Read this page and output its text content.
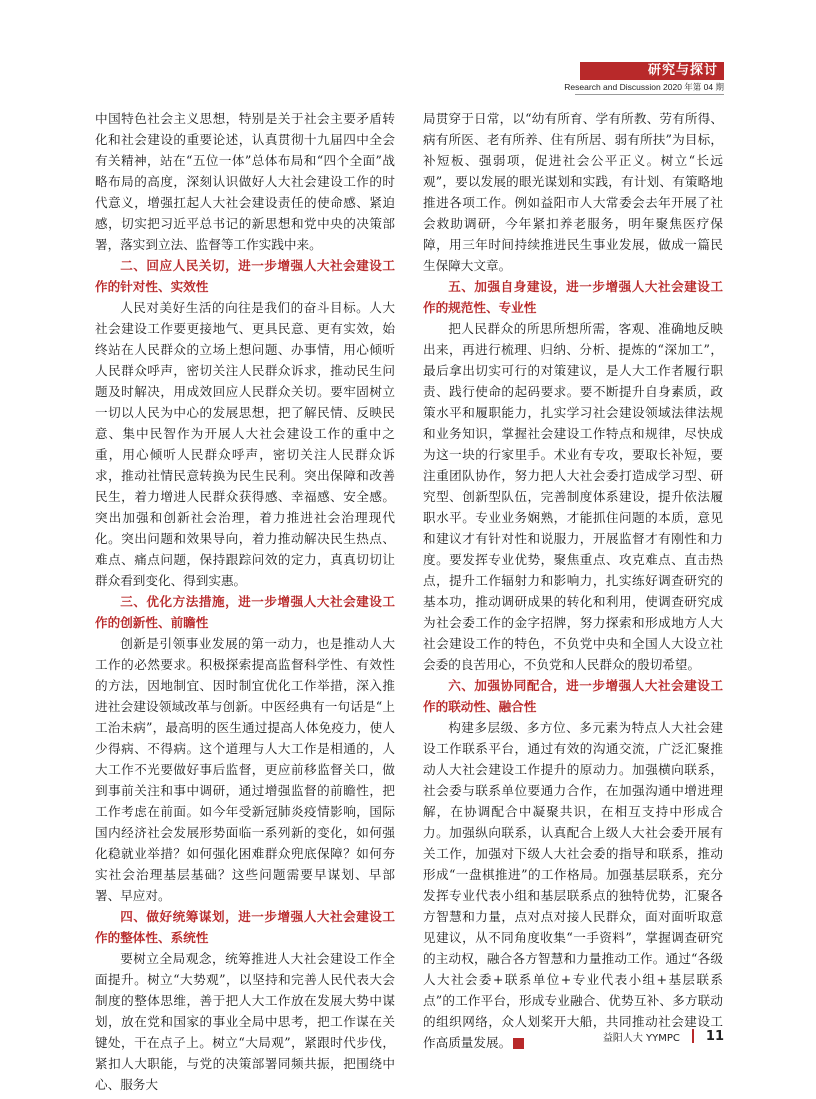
研究与探讨
Research and Discussion 2020 年第 04 期

中国特色社会主义思想，特别是关于社会主要矛盾转化和社会建设的重要论述，认真贯彻十九届四中全会有关精神，站在“五位一体”总体布局和“四个全面”战略布局的高度，深刻认识做好人大社会建设工作的时代意义，增强扛起人大社会建设责任的使命感、紧迫感，切实把习近平总书记的新思想和党中央的决策部署，落实到立法、监督等工作实践中来。

二、回应人民关切，进一步增强人大社会建设工作的针对性、实效性

人民对美好生活的向往是我们的奋斗目标。人大社会建设工作要更接地气、更具民意、更有实效，始终站在人民群众的立场上想问题、办事情，用心倾听人民群众呼声，密切关注人民群众诉求，推动民生问题及时解决，用成效回应人民群众关切。要牢固树立一切以人民为中心的发展思想，把了解民情、反映民意、集中民智作为开展人大社会建设工作的重中之重，用心倾听人民群众呼声，密切关注人民群众诉求，推动社情民意转换为民生民利。突出保障和改善民生，着力增进人民群众获得感、幸福感、安全感。突出加强和创新社会治理，着力推进社会治理现代化。突出问题和效果导向，着力推动解决民生热点、难点、痛点问题，保持跟踪问效的定力，真真切切让群众看到变化、得到实惠。

三、优化方法措施，进一步增强人大社会建设工作的创新性、前瞻性

创新是引领事业发展的第一动力，也是推动人大工作的必然要求。积极探索提高监督科学性、有效性的方法，因地制宜、因时制宜优化工作举措，深入推进社会建设领域改革与创新。中医经典有一句话是“上工治未病”，最高明的医生通过提高人体免疫力，使人少得病、不得病。这个道理与人大工作是相通的，人大工作不光要做好事后监督，更应前移监督关口，做到事前关注和事中调研，通过增强监督的前瞻性，把工作考虑在前面。如今年受新冠肺炎疫情影响，国际国内经济社会发展形势面临一系列新的变化，如何强化稳就业举措？如何强化困难群众兜底保障？如何夯实社会治理基层基础？这些问题需要早谋划、早部署、早应对。

四、做好统筹谋划，进一步增强人大社会建设工作的整体性、系统性

要树立全局观念，统筹推进人大社会建设工作全面提升。树立“大势观”，以坚持和完善人民代表大会制度的整体思维，善于把人大工作放在发展大势中谋划，放在党和国家的事业全局中思考，把工作谋在关键处，干在点子上。树立“大局观”，紧跟时代步伐，紧扣人大职能，与党的决策部署同频共振，把围绕中心、服务大

局贯穿于日常，以“幼有所育、学有所教、劳有所得、病有所医、老有所养、住有所居、弱有所扶”为目标，补短板、强弱项，促进社会公平正义。树立“长远观”，要以发展的眼光谋划和实践，有计划、有策略地推进各项工作。例如益阳市人大常委会去年开展了社会救助调研，今年紧扣养老服务，明年聚焦医疗保障，用三年时间持续推进民生事业发展，做成一篇民生保障大文章。

五、加强自身建设，进一步增强人大社会建设工作的规范性、专业性

把人民群众的所思所想所需，客观、准确地反映出来，再进行梳理、归纳、分析、提炼的“深加工”，最后拿出切实可行的对策建议，是人大工作者履行职责、践行使命的起码要求。要不断提升自身素质，政策水平和履职能力，扎实学习社会建设领域法律法规和业务知识，掌握社会建设工作特点和规律，尽快成为这一块的行家里手。术业有专攻，要取长补短，要注重团队协作，努力把人大社会委打造成学习型、研究型、创新型队伍，完善制度体系建设，提升依法履职水平。专业业务娴熟，才能抓住问题的本质，意见和建议才有针对性和说服力，开展监督才有刚性和力度。要发挥专业优势，聚焦重点、攻克难点、直击热点，提升工作辐射力和影响力，扎实练好调查研究的基本功，推动调研成果的转化和利用，使调查研究成为社会委工作的金字招牌，努力探索和形成地方人大社会建设工作的特色，不负党中央和全国人大设立社会委的良苦用心，不负党和人民群众的殷切希望。

六、加强协同配合，进一步增强人大社会建设工作的联动性、融合性

构建多层级、多方位、多元素为特点人大社会建设工作联系平台，通过有效的沟通交流，广泛汇聚推动人大社会建设工作提升的原动力。加强横向联系，社会委与联系单位要通力合作，在加强沟通中增进理解，在协调配合中凝聚共识，在相互支持中形成合力。加强纵向联系，认真配合上级人大社会委开展有关工作，加强对下级人大社会委的指导和联系，推动形成“一盘棋推进”的工作格局。加强基层联系，充分发挥专业代表小组和基层联系点的独特优势，汇聚各方智慧和力量，点对点对接人民群众，面对面听取意见建议，从不同角度收集“一手资料”，掌握调查研究的主动权，融合各方智慧和力量推动工作。通过“各级人大社会委+联系单位+专业代表小组+基层联系点”的工作平台，形成专业融合、优势互补、多方联动的组织网络，众人划桨开大船，共同推动社会建设工作高质量发展。	≥	益阳人大 YYMPC 11
